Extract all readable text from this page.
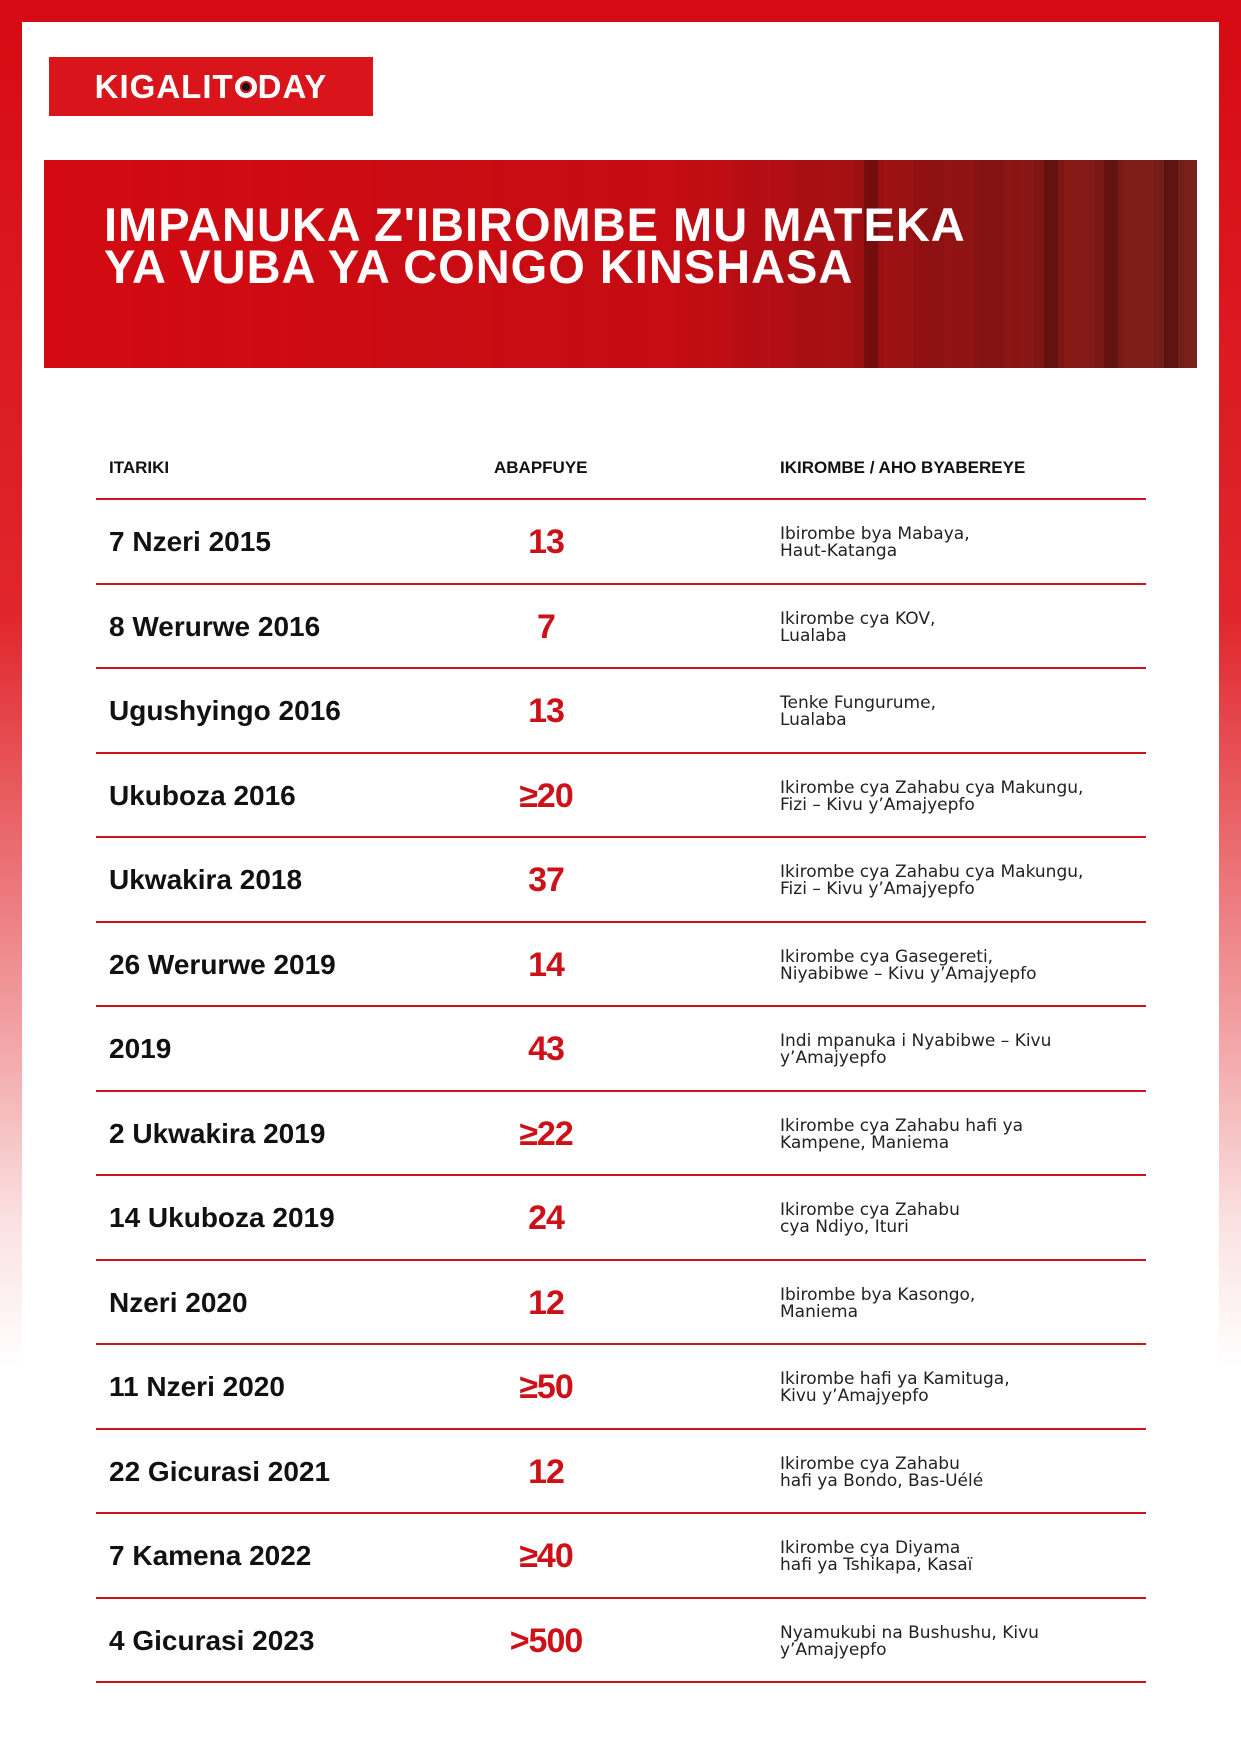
KIGALIT DAY
IMPANUKA Z'IBIROMBE MU MATEKA YA VUBA YA CONGO KINSHASA
ITARIKI	ABAPFUYE	IKIROMBE / AHO BYABEREYE
7 Nzeri 2015	13	Ibirombe bya Mabaya,
Haut-Katanga
8 Werurwe 2016	7	Ikirombe cya KOV,
Lualaba
Ugushyingo 2016	13	Tenke Fungurume,
Lualaba
Ukuboza 2016	≥20	Ikirombe cya Zahabu cya Makungu,
Fizi – Kivu y’Amajyepfo
Ukwakira 2018	37	Ikirombe cya Zahabu cya Makungu,
Fizi – Kivu y’Amajyepfo
26 Werurwe 2019	14	Ikirombe cya Gasegereti,
Niyabibwe – Kivu y’Amajyepfo
2019	43	Indi mpanuka i Nyabibwe – Kivu
y’Amajyepfo
2 Ukwakira 2019	≥22	Ikirombe cya Zahabu hafi ya
Kampene, Maniema
14 Ukuboza 2019	24	Ikirombe cya Zahabu
cya Ndiyo, Ituri
Nzeri 2020	12	Ibirombe bya Kasongo,
Maniema
11 Nzeri 2020	≥50	Ikirombe hafi ya Kamituga,
Kivu y’Amajyepfo
22 Gicurasi 2021	12	Ikirombe cya Zahabu
hafi ya Bondo, Bas-Uélé
7 Kamena 2022	≥40	Ikirombe cya Diyama
hafi ya Tshikapa, Kasaï
4 Gicurasi 2023	>500	Nyamukubi na Bushushu, Kivu
y’Amajyepfo
